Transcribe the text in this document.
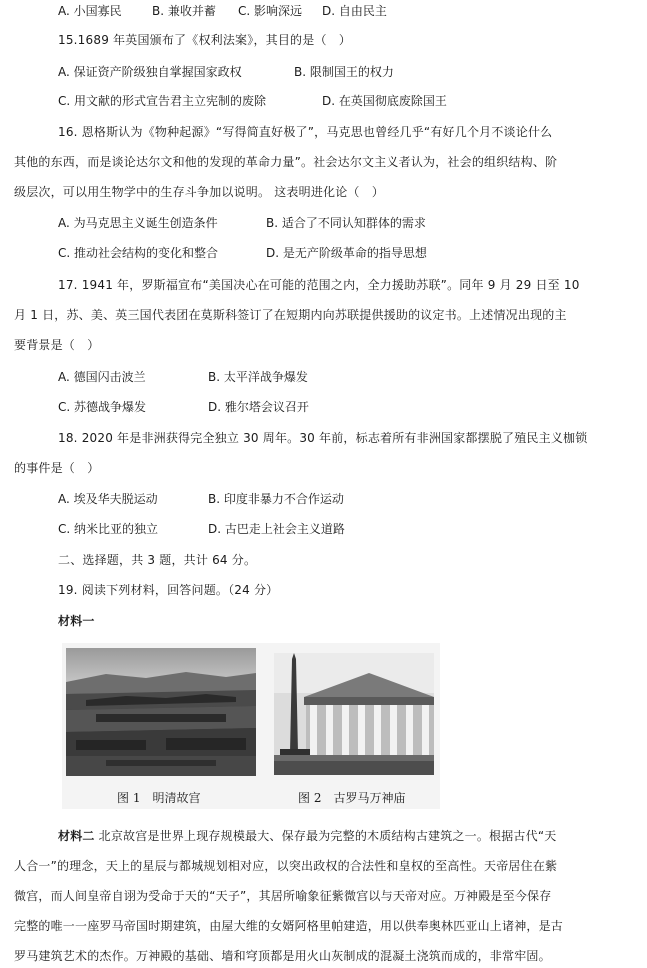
A. 小国寡民	B. 兼收并蓄 C. 影响深远 D. 自由民主
15.1689 年英国颁布了《权利法案》，其目的是（　）
A. 保证资产阶级独自掌握国家政权	B. 限制国王的权力
C. 用文献的形式宣告君主立宪制的废除	D. 在英国彻底废除国王
16. 恩格斯认为《物种起源》“写得简直好极了”，马克思也曾经几乎“有好几个月不谈论什么
其他的东西，而是谈论达尔文和他的发现的革命力量”。社会达尔文主义者认为，社会的组织结构、阶
级层次，可以用生物学中的生存斗争加以说明。 这表明进化论（　）
A. 为马克思主义诞生创造条件	B. 适合了不同认知群体的需求
C. 推动社会结构的变化和整合	D. 是无产阶级革命的指导思想
17. 1941 年，罗斯福宣布“美国决心在可能的范围之内，全力援助苏联”。同年 9 月 29 日至 10
月 1 日，苏、美、英三国代表团在莫斯科签订了在短期内向苏联提供援助的议定书。上述情况出现的主
要背景是（　）
A. 德国闪击波兰	B. 太平洋战争爆发
C. 苏德战争爆发	D. 雅尔塔会议召开
18. 2020 年是非洲获得完全独立 30 周年。30 年前，标志着所有非洲国家都摆脱了殖民主义枷锁
的事件是（　）
A. 埃及华夫脱运动	B. 印度非暴力不合作运动
C. 纳米比亚的独立	D. 古巴走上社会主义道路
二、选择题，共 3 题，共计 64 分。
19. 阅读下列材料，回答问题。（24 分）
材料一
图 1　明清故宫	图 2　古罗马万神庙
材料二 北京故宫是世界上现存规模最大、保存最为完整的木质结构古建筑之一。根据古代“天
人合一”的理念，天上的星辰与都城规划相对应，以突出政权的合法性和皇权的至高性。天帝居住在紫
微宫，而人间皇帝自诩为受命于天的“天子”，其居所喻象征紫微宫以与天帝对应。万神殿是至今保存
完整的唯一一座罗马帝国时期建筑，由屋大维的女婿阿格里帕建造，用以供奉奥林匹亚山上诸神，是古
罗马建筑艺术的杰作。万神殿的基础、墙和穹顶都是用火山灰制成的混凝土浇筑而成的，非常牢固。
